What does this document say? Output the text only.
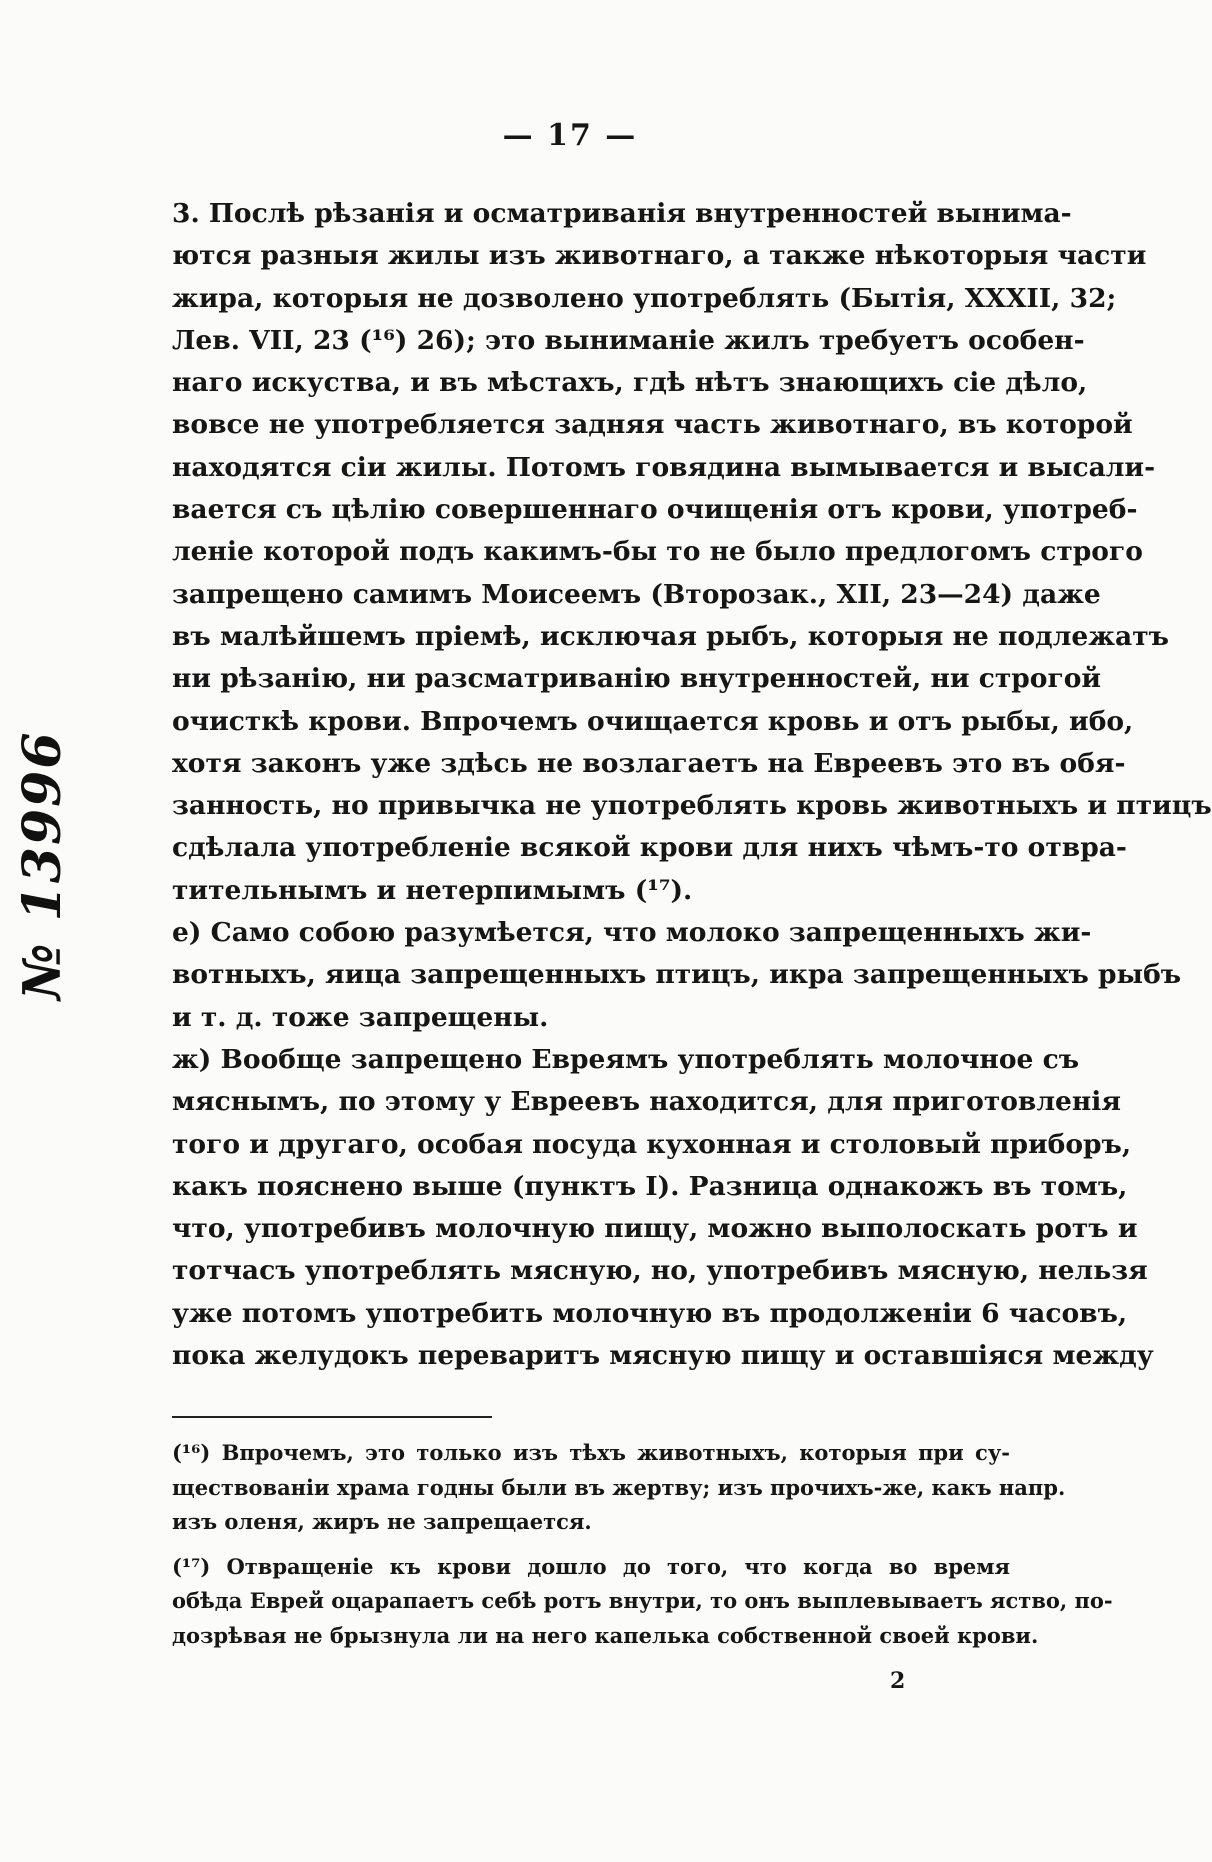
— 17 —
№ 13996
3. Послѣ рѣзанія и осматриванія внутренностей вынима-
ются разныя жилы изъ животнаго, а также нѣкоторыя части
жира, которыя не дозволено употреблять (Бытія, XXXII, 32;
Лев. VII, 23 (¹⁶) 26); это выниманіе жилъ требуетъ особен-
наго искуства, и въ мѣстахъ, гдѣ нѣтъ знающихъ сіе дѣло,
вовсе не употребляется задняя часть животнаго, въ которой
находятся сіи жилы. Потомъ говядина вымывается и высали-
вается съ цѣлію совершеннаго очищенія отъ крови, употреб-
леніе которой подъ какимъ-бы то не было предлогомъ строго
запрещено самимъ Моисеемъ (Второзак., XII, 23—24) даже
въ малѣйшемъ пріемѣ, исключая рыбъ, которыя не подлежатъ
ни рѣзанію, ни разсматриванію внутренностей, ни строгой
очисткѣ крови. Впрочемъ очищается кровь и отъ рыбы, ибо,
хотя законъ уже здѣсь не возлагаетъ на Евреевъ это въ обя-
занность, но привычка не употреблять кровь животныхъ и птицъ
сдѣлала употребленіе всякой крови для нихъ чѣмъ-то отвра-
тительнымъ и нетерпимымъ (¹⁷).
е) Само собою разумѣется, что молоко запрещенныхъ жи-
вотныхъ, яица запрещенныхъ птицъ, икра запрещенныхъ рыбъ
и т. д. тоже запрещены.
ж) Вообще запрещено Евреямъ употреблять молочное съ
мяснымъ, по этому у Евреевъ находится, для приготовленія
того и другаго, особая посуда кухонная и столовый приборъ,
какъ пояснено выше (пунктъ I). Разница однакожъ въ томъ,
что, употребивъ молочную пищу, можно выполоскать ротъ и
тотчасъ употреблять мясную, но, употребивъ мясную, нельзя
уже потомъ употребить молочную въ продолженіи 6 часовъ,
пока желудокъ переваритъ мясную пищу и оставшіяся между
(¹⁶) Впрочемъ, это только изъ тѣхъ животныхъ, которыя при су-
ществованіи храма годны были въ жертву; изъ прочихъ-же, какъ напр.
изъ оленя, жиръ не запрещается.
(¹⁷) Отвращеніе къ крови дошло до того, что когда во время
обѣда Еврей оцарапаетъ себѣ ротъ внутри, то онъ выплевываетъ яство, по-
дозрѣвая не брызнула ли на него капелька собственной своей крови.
2
